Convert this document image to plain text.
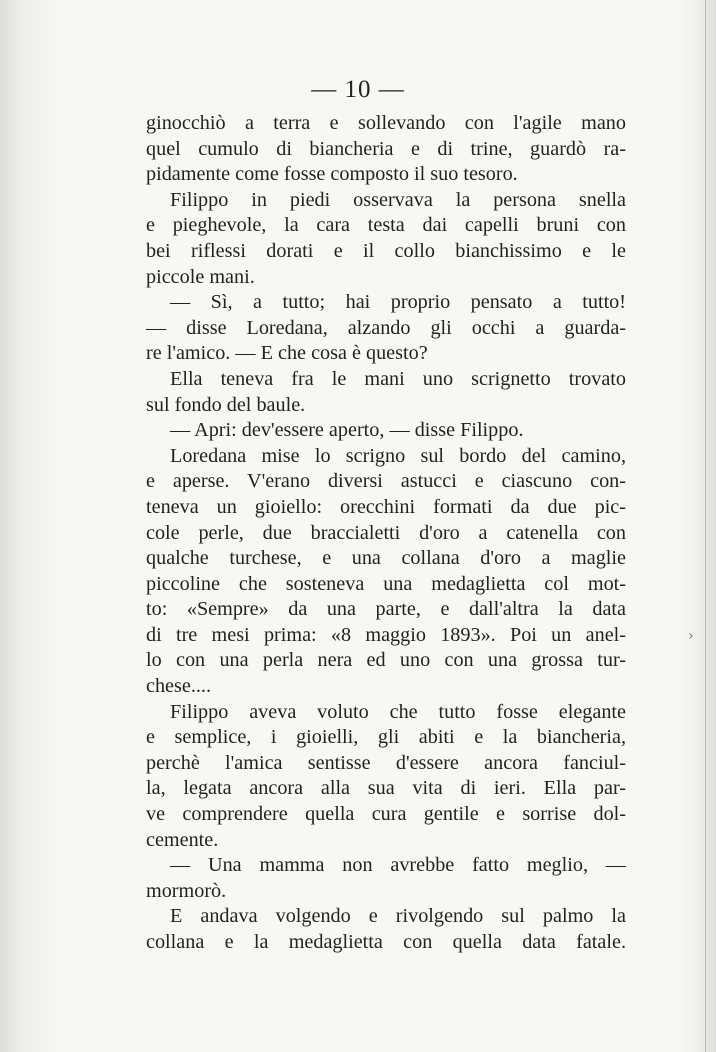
— 10 —
ginocchiò a terra e sollevando con l'agile mano
quel cumulo di biancheria e di trine, guardò ra-
pidamente come fosse composto il suo tesoro.
Filippo in piedi osservava la persona snella
e pieghevole, la cara testa dai capelli bruni con
bei riflessi dorati e il collo bianchissimo e le
piccole mani.
— Sì, a tutto; hai proprio pensato a tutto!
— disse Loredana, alzando gli occhi a guarda-
re l'amico. — E che cosa è questo?
Ella teneva fra le mani uno scrignetto trovato
sul fondo del baule.
— Apri: dev'essere aperto, — disse Filippo.
Loredana mise lo scrigno sul bordo del camino,
e aperse. V'erano diversi astucci e ciascuno con-
teneva un gioiello: orecchini formati da due pic-
cole perle, due braccialetti d'oro a catenella con
qualche turchese, e una collana d'oro a maglie
piccoline che sosteneva una medaglietta col mot-
to: «Sempre» da una parte, e dall'altra la data
di tre mesi prima: «8 maggio 1893». Poi un anel-
lo con una perla nera ed uno con una grossa tur-
chese....
Filippo aveva voluto che tutto fosse elegante
e semplice, i gioielli, gli abiti e la biancheria,
perchè l'amica sentisse d'essere ancora fanciul-
la, legata ancora alla sua vita di ieri. Ella par-
ve comprendere quella cura gentile e sorrise dol-
cemente.
— Una mamma non avrebbe fatto meglio, —
mormorò.
E andava volgendo e rivolgendo sul palmo la
collana e la medaglietta con quella data fatale.
›
